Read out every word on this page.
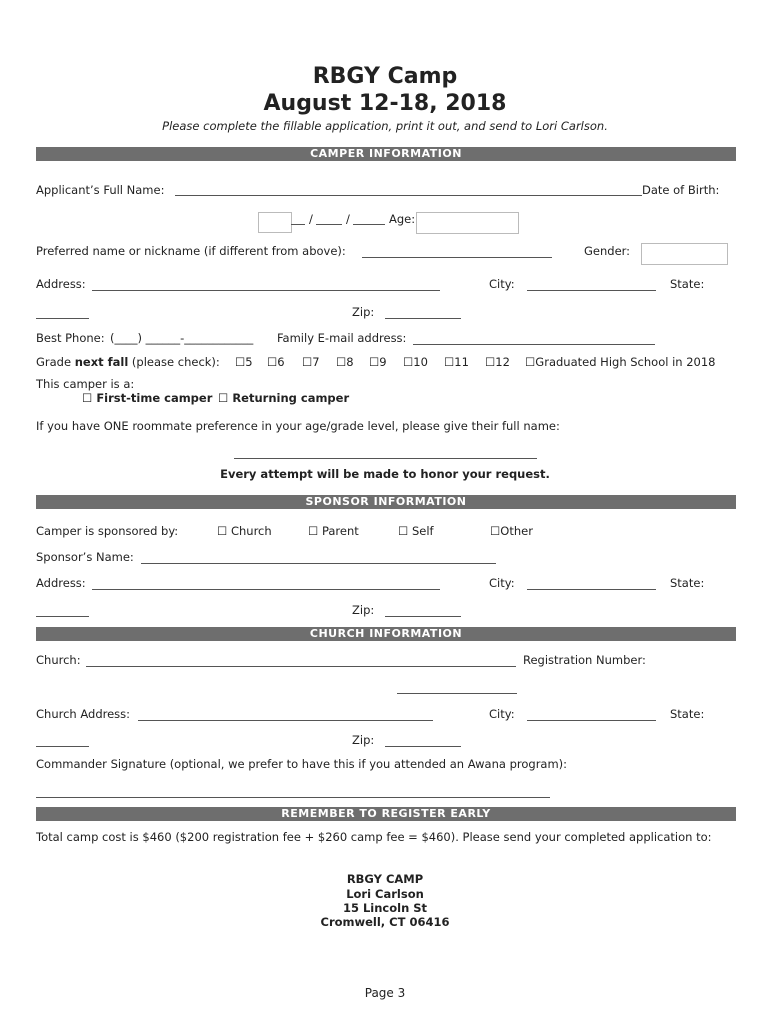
RBGY Camp
August 12-18, 2018
Please complete the fillable application, print it out, and send to Lori Carlson.
CAMPER INFORMATION
Applicant’s Full Name:	Date of Birth:
/	/	Age:
Preferred name or nickname (if different from above):	Gender:
Address:	City:	State:
Zip:
Best Phone: (____) ______-____________ Family E-mail address:
Grade next fall (please check): ☐5 ☐6 ☐7 ☐8 ☐9 ☐10 ☐11 ☐12 ☐Graduated High School in 2018
This camper is a:
☐ First-time camper ☐ Returning camper
If you have ONE roommate preference in your age/grade level, please give their full name:
Every attempt will be made to honor your request.
SPONSOR INFORMATION
Camper is sponsored by:	☐ Church	☐ Parent	☐ Self	☐Other
Sponsor’s Name:
Address:	City:	State:
Zip:
CHURCH INFORMATION
Church:	Registration Number:
Church Address:	City:	State:
Zip:
Commander Signature (optional, we prefer to have this if you attended an Awana program):
REMEMBER TO REGISTER EARLY
Total camp cost is $460 ($200 registration fee + $260 camp fee = $460). Please send your completed application to:
RBGY CAMP
Lori Carlson
15 Lincoln St
Cromwell, CT 06416
Page 3
